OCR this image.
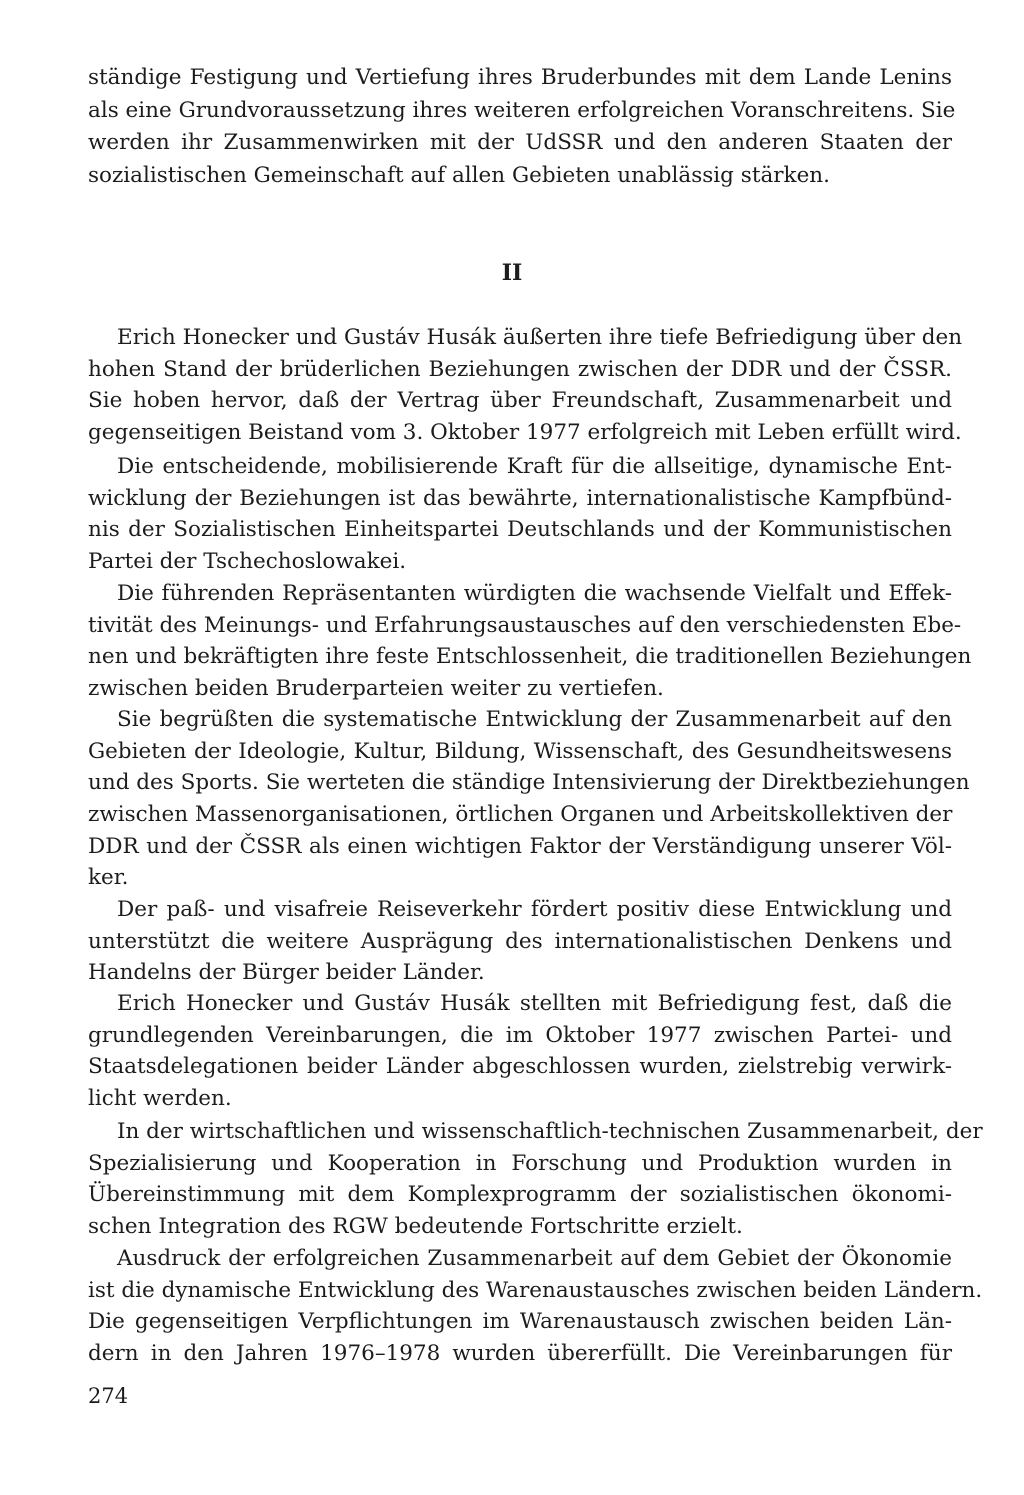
ständige Festigung und Vertiefung ihres Bruderbundes mit dem Lande Lenins
als eine Grundvoraussetzung ihres weiteren erfolgreichen Voranschreitens. Sie
werden ihr Zusammenwirken mit der UdSSR und den anderen Staaten der
sozialistischen Gemeinschaft auf allen Gebieten unablässig stärken.
II
Erich Honecker und Gustáv Husák äußerten ihre tiefe Befriedigung über den
hohen Stand der brüderlichen Beziehungen zwischen der DDR und der ČSSR.
Sie hoben hervor, daß der Vertrag über Freundschaft, Zusammenarbeit und
gegenseitigen Beistand vom 3. Oktober 1977 erfolgreich mit Leben erfüllt wird.
Die entscheidende, mobilisierende Kraft für die allseitige, dynamische Ent-
wicklung der Beziehungen ist das bewährte, internationalistische Kampfbünd-
nis der Sozialistischen Einheitspartei Deutschlands und der Kommunistischen
Partei der Tschechoslowakei.
Die führenden Repräsentanten würdigten die wachsende Vielfalt und Effek-
tivität des Meinungs- und Erfahrungsaustausches auf den verschiedensten Ebe-
nen und bekräftigten ihre feste Entschlossenheit, die traditionellen Beziehungen
zwischen beiden Bruderparteien weiter zu vertiefen.
Sie begrüßten die systematische Entwicklung der Zusammenarbeit auf den
Gebieten der Ideologie, Kultur, Bildung, Wissenschaft, des Gesundheitswesens
und des Sports. Sie werteten die ständige Intensivierung der Direktbeziehungen
zwischen Massenorganisationen, örtlichen Organen und Arbeitskollektiven der
DDR und der ČSSR als einen wichtigen Faktor der Verständigung unserer Völ-
ker.
Der paß- und visafreie Reiseverkehr fördert positiv diese Entwicklung und
unterstützt die weitere Ausprägung des internationalistischen Denkens und
Handelns der Bürger beider Länder.
Erich Honecker und Gustáv Husák stellten mit Befriedigung fest, daß die
grundlegenden Vereinbarungen, die im Oktober 1977 zwischen Partei- und
Staatsdelegationen beider Länder abgeschlossen wurden, zielstrebig verwirk-
licht werden.
In der wirtschaftlichen und wissenschaftlich-technischen Zusammenarbeit, der
Spezialisierung und Kooperation in Forschung und Produktion wurden in
Übereinstimmung mit dem Komplexprogramm der sozialistischen ökonomi-
schen Integration des RGW bedeutende Fortschritte erzielt.
Ausdruck der erfolgreichen Zusammenarbeit auf dem Gebiet der Ökonomie
ist die dynamische Entwicklung des Warenaustausches zwischen beiden Ländern.
Die gegenseitigen Verpflichtungen im Warenaustausch zwischen beiden Län-
dern in den Jahren 1976–1978 wurden übererfüllt. Die Vereinbarungen für
274
